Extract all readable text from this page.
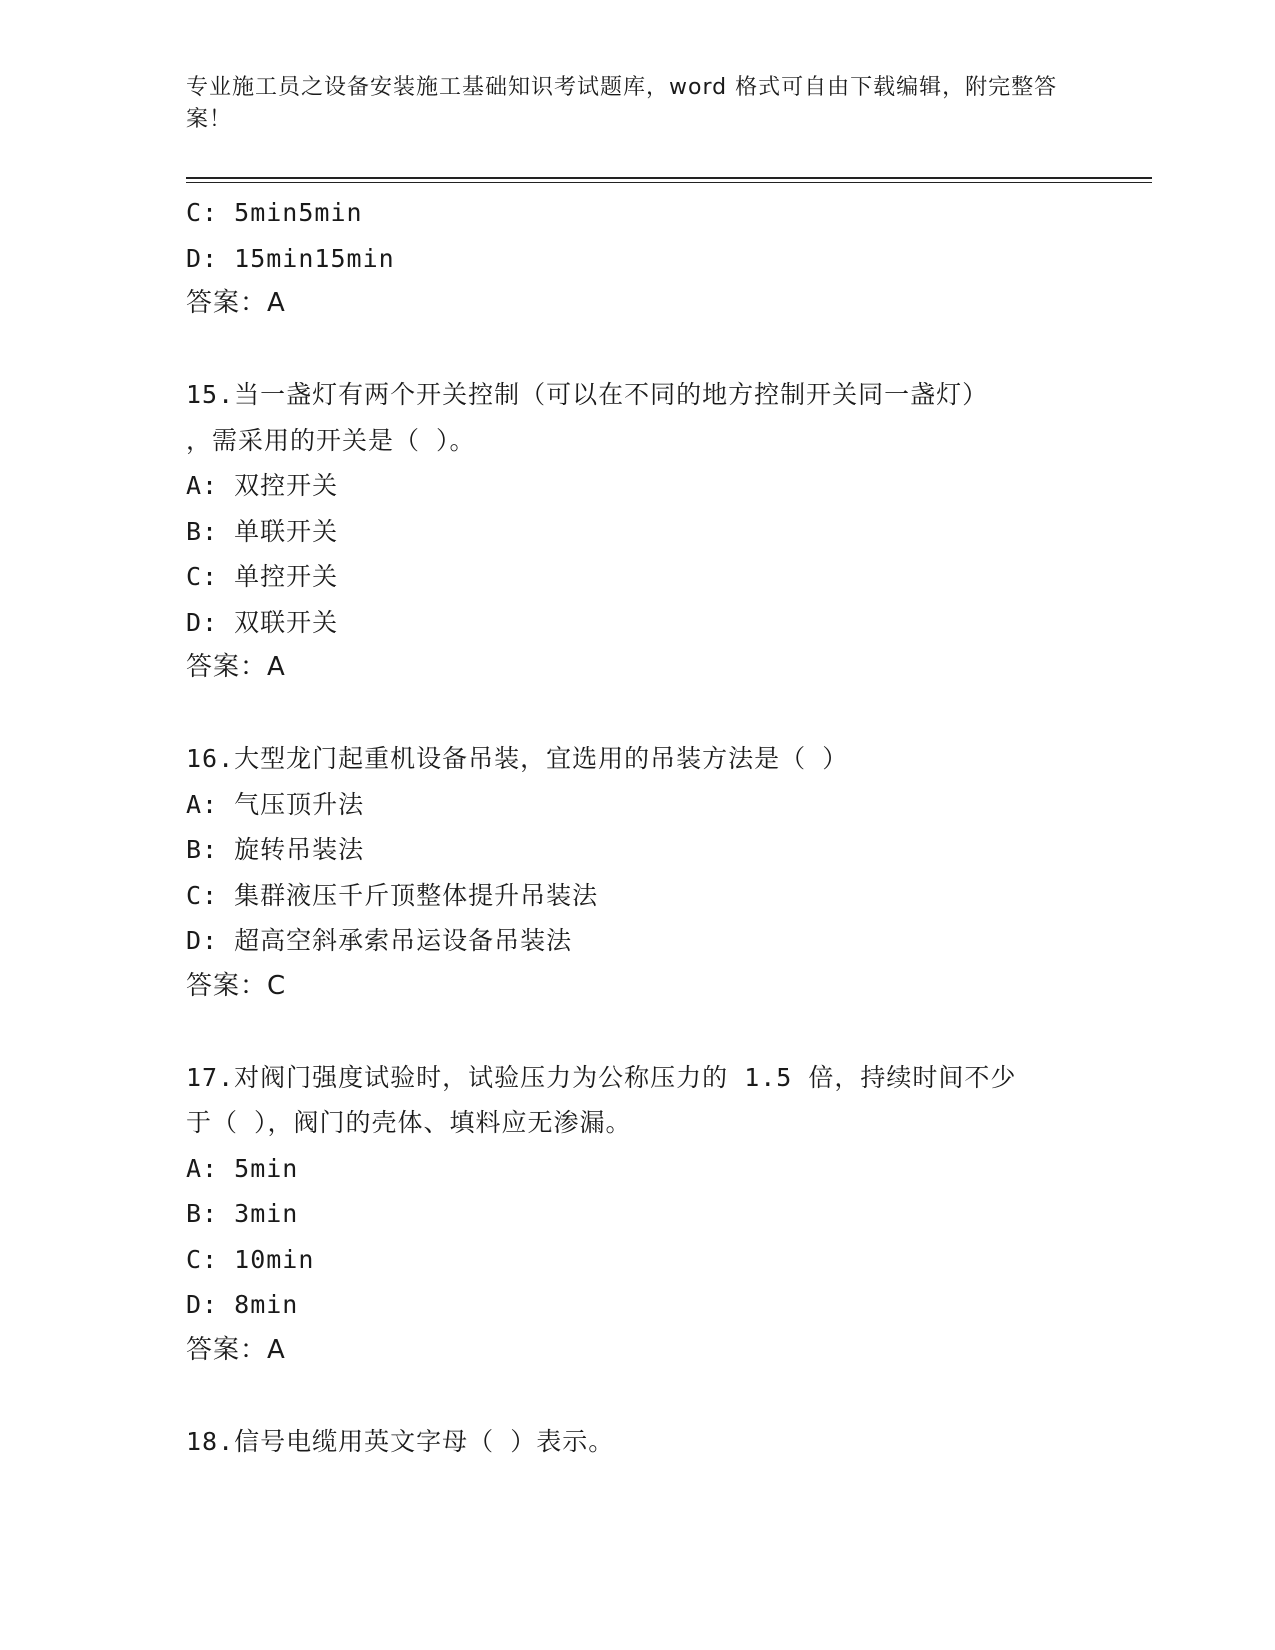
专业施工员之设备安装施工基础知识考试题库，word 格式可自由下载编辑，附完整答案！
C: 5min5min
D: 15min15min
答案：A
15.当一盏灯有两个开关控制（可以在不同的地方控制开关同一盏灯）
，需采用的开关是（ ）。
A: 双控开关
B: 单联开关
C: 单控开关
D: 双联开关
答案：A
16.大型龙门起重机设备吊装，宜选用的吊装方法是（ ）
A: 气压顶升法
B: 旋转吊装法
C: 集群液压千斤顶整体提升吊装法
D: 超高空斜承索吊运设备吊装法
答案：C
17.对阀门强度试验时，试验压力为公称压力的 1.5 倍，持续时间不少
于（ ），阀门的壳体、填料应无渗漏。
A: 5min
B: 3min
C: 10min
D: 8min
答案：A
18.信号电缆用英文字母（ ）表示。
